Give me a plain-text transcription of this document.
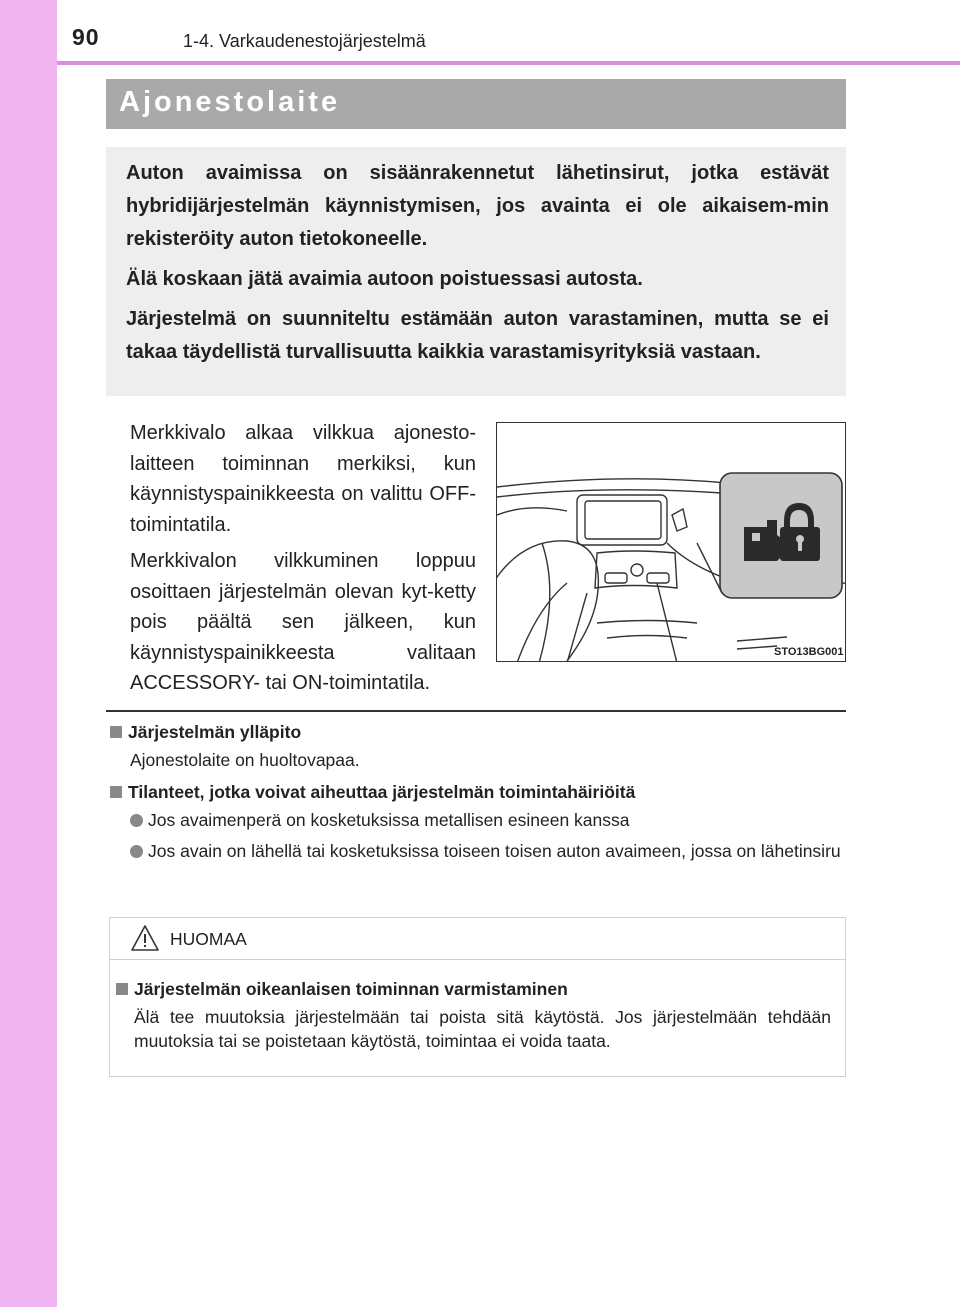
90	1-4. Varkaudenestojärjestelmä
Ajonestolaite

Auton avaimissa on sisäänrakennetut lähetinsirut, jotka estävät hybridijärjestelmän käynnistymisen, jos avainta ei ole aikaisem-min rekisteröity auton tietokoneelle.

Älä koskaan jätä avaimia autoon poistuessasi autosta.

Järjestelmä on suunniteltu estämään auton varastaminen, mutta se ei takaa täydellistä turvallisuutta kaikkia varastamisyrityksiä vastaan.

Merkkivalo alkaa vilkkua ajonesto-laitteen toiminnan merkiksi, kun käynnistyspainikkeesta on valittu OFF-toimintatila.

Merkkivalon vilkkuminen loppuu osoittaen järjestelmän olevan kyt-ketty pois päältä sen jälkeen, kun käynnistyspainikkeesta valitaan ACCESSORY- tai ON-toimintatila.

STO13BG001
Järjestelmän ylläpito
Ajonestolaite on huoltovapaa.
Tilanteet, jotka voivat aiheuttaa järjestelmän toimintahäiriöitä
Jos avaimenperä on kosketuksissa metallisen esineen kanssa
Jos avain on lähellä tai kosketuksissa toiseen toisen auton avaimeen, jossa on lähetinsiru
HUOMAA
Järjestelmän oikeanlaisen toiminnan varmistaminen
Älä tee muutoksia järjestelmään tai poista sitä käytöstä. Jos järjestelmään tehdään muutoksia tai se poistetaan käytöstä, toimintaa ei voida taata.
